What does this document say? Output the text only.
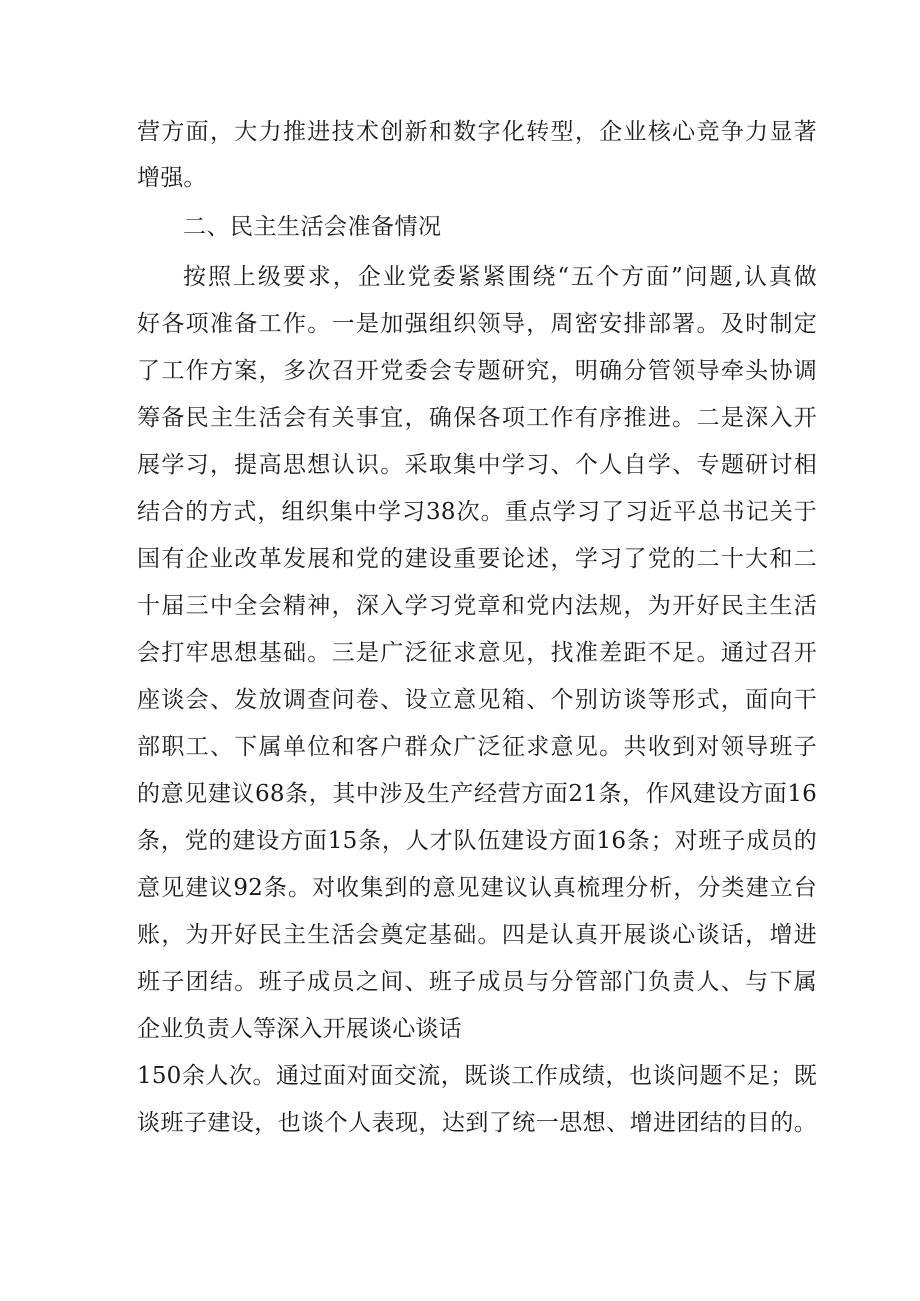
营方面，大力推进技术创新和数字化转型，企业核心竞争力显著
增强。
二、民主生活会准备情况
按照上级要求，企业党委紧紧围绕“五个方面”问题,认真做
好各项准备工作。一是加强组织领导，周密安排部署。及时制定
了工作方案，多次召开党委会专题研究，明确分管领导牵头协调
筹备民主生活会有关事宜，确保各项工作有序推进。二是深入开
展学习，提高思想认识。采取集中学习、个人自学、专题研讨相
结合的方式，组织集中学习38次。重点学习了习近平总书记关于
国有企业改革发展和党的建设重要论述，学习了党的二十大和二
十届三中全会精神，深入学习党章和党内法规，为开好民主生活
会打牢思想基础。三是广泛征求意见，找准差距不足。通过召开
座谈会、发放调查问卷、设立意见箱、个别访谈等形式，面向干
部职工、下属单位和客户群众广泛征求意见。共收到对领导班子
的意见建议68条，其中涉及生产经营方面21条，作风建设方面16
条，党的建设方面15条，人才队伍建设方面16条；对班子成员的
意见建议92条。对收集到的意见建议认真梳理分析，分类建立台
账，为开好民主生活会奠定基础。四是认真开展谈心谈话，增进
班子团结。班子成员之间、班子成员与分管部门负责人、与下属
企业负责人等深入开展谈心谈话
150余人次。通过面对面交流，既谈工作成绩，也谈问题不足；既
谈班子建设，也谈个人表现，达到了统一思想、增进团结的目的。
